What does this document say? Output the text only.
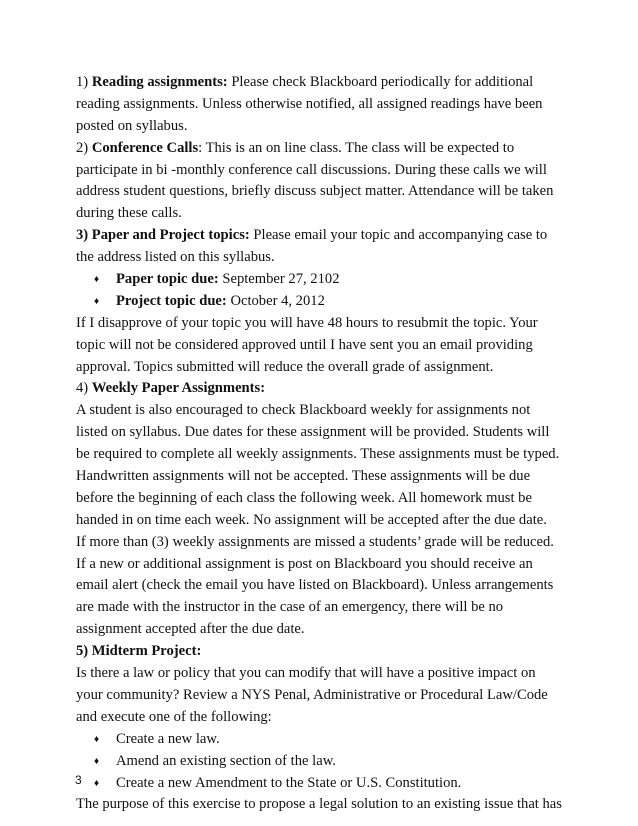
1) Reading assignments: Please check Blackboard periodically for additional
reading assignments. Unless otherwise notified, all assigned readings have been
posted on syllabus.
2) Conference Calls: This is an on line class. The class will be expected to
participate in bi -monthly conference call discussions. During these calls we will
address student questions, briefly discuss subject matter. Attendance will be taken
during these calls.
3) Paper and Project topics: Please email your topic and accompanying case to
the address listed on this syllabus.
♦ Paper topic due: September 27, 2102
♦ Project topic due: October 4, 2012
If I disapprove of your topic you will have 48 hours to resubmit the topic. Your
topic will not be considered approved until I have sent you an email providing
approval. Topics submitted will reduce the overall grade of assignment.
4) Weekly Paper Assignments:
A student is also encouraged to check Blackboard weekly for assignments not
listed on syllabus. Due dates for these assignment will be provided. Students will
be required to complete all weekly assignments. These assignments must be typed.
Handwritten assignments will not be accepted. These assignments will be due
before the beginning of each class the following week. All homework must be
handed in on time each week. No assignment will be accepted after the due date.
If more than (3) weekly assignments are missed a students’ grade will be reduced.
If a new or additional assignment is post on Blackboard you should receive an
email alert (check the email you have listed on Blackboard). Unless arrangements
are made with the instructor in the case of an emergency, there will be no
assignment accepted after the due date.
5) Midterm Project:
Is there a law or policy that you can modify that will have a positive impact on
your community? Review a NYS Penal, Administrative or Procedural Law/Code
and execute one of the following:
♦ Create a new law.
♦ Amend an existing section of the law.
♦ Create a new Amendment to the State or U.S. Constitution.
The purpose of this exercise to propose a legal solution to an existing issue that has
3
